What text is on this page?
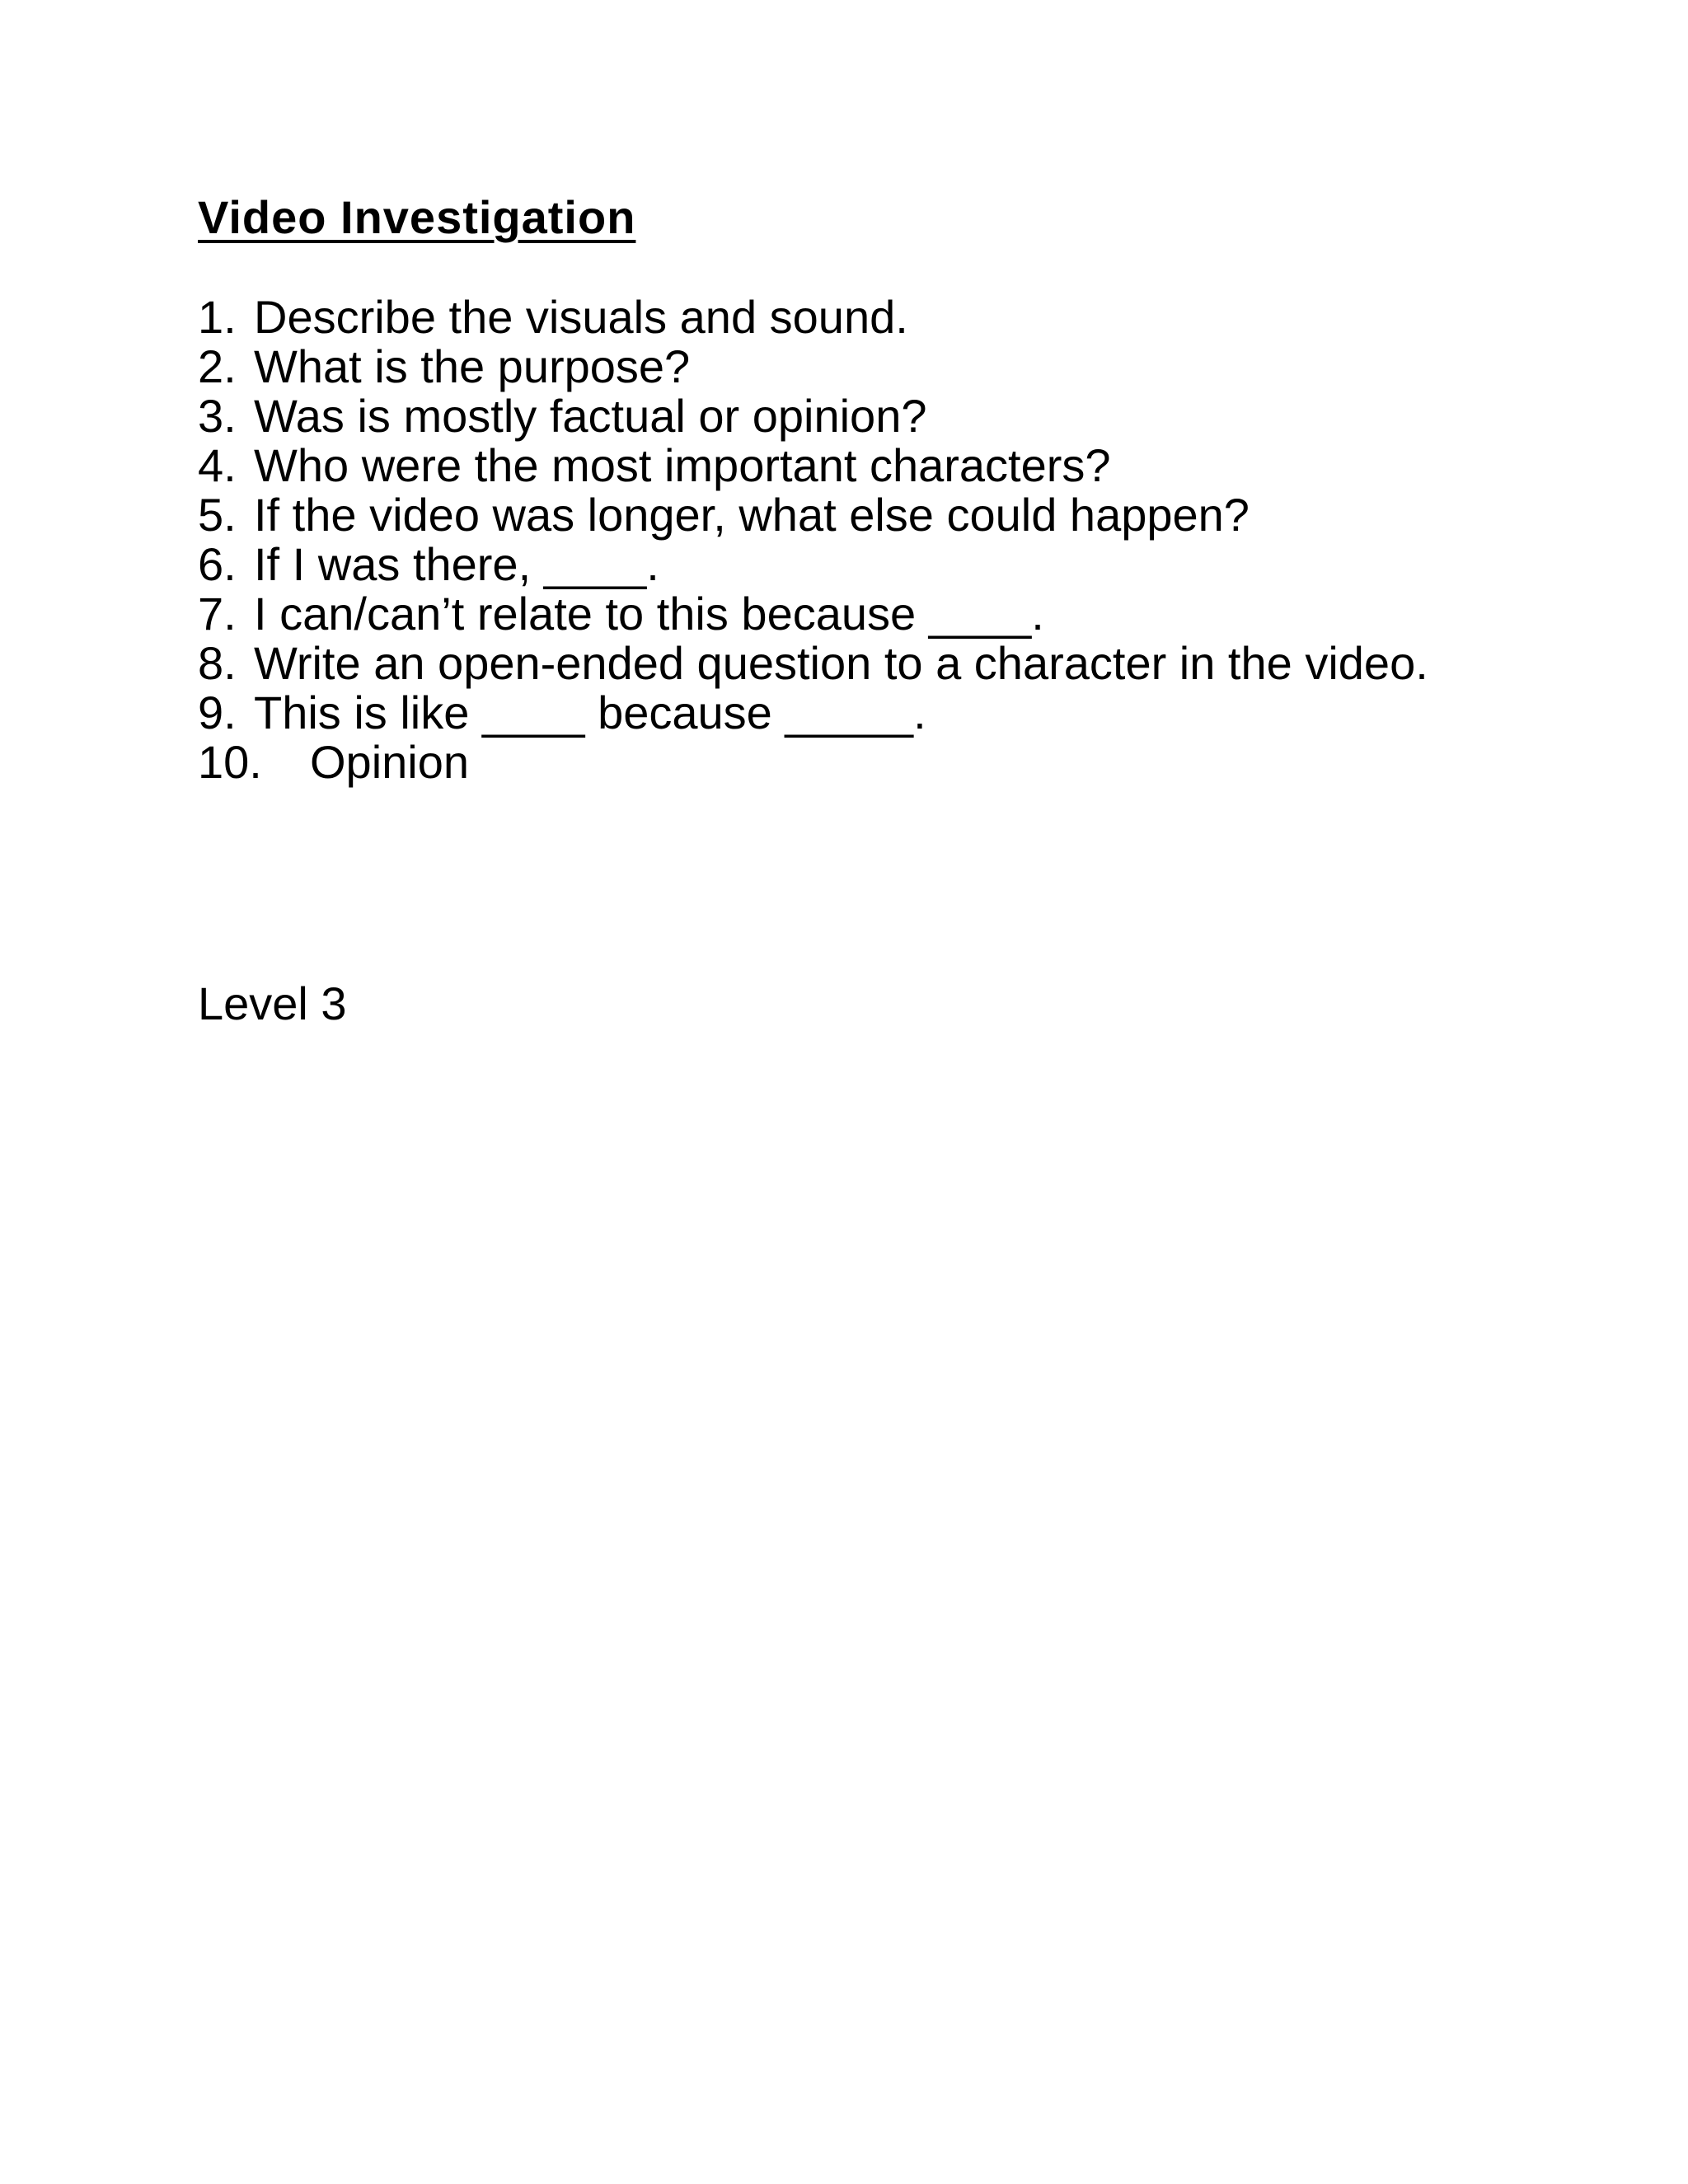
Video Investigation
1. Describe the visuals and sound.
2. What is the purpose?
3. Was is mostly factual or opinion?
4. Who were the most important characters?
5. If the video was longer, what else could happen?
6. If I was there, ____.
7. I can/can’t relate to this because ____.
8. Write an open-ended question to a character in the video.
9. This is like ____ because _____.
10.	Opinion

Level 3
